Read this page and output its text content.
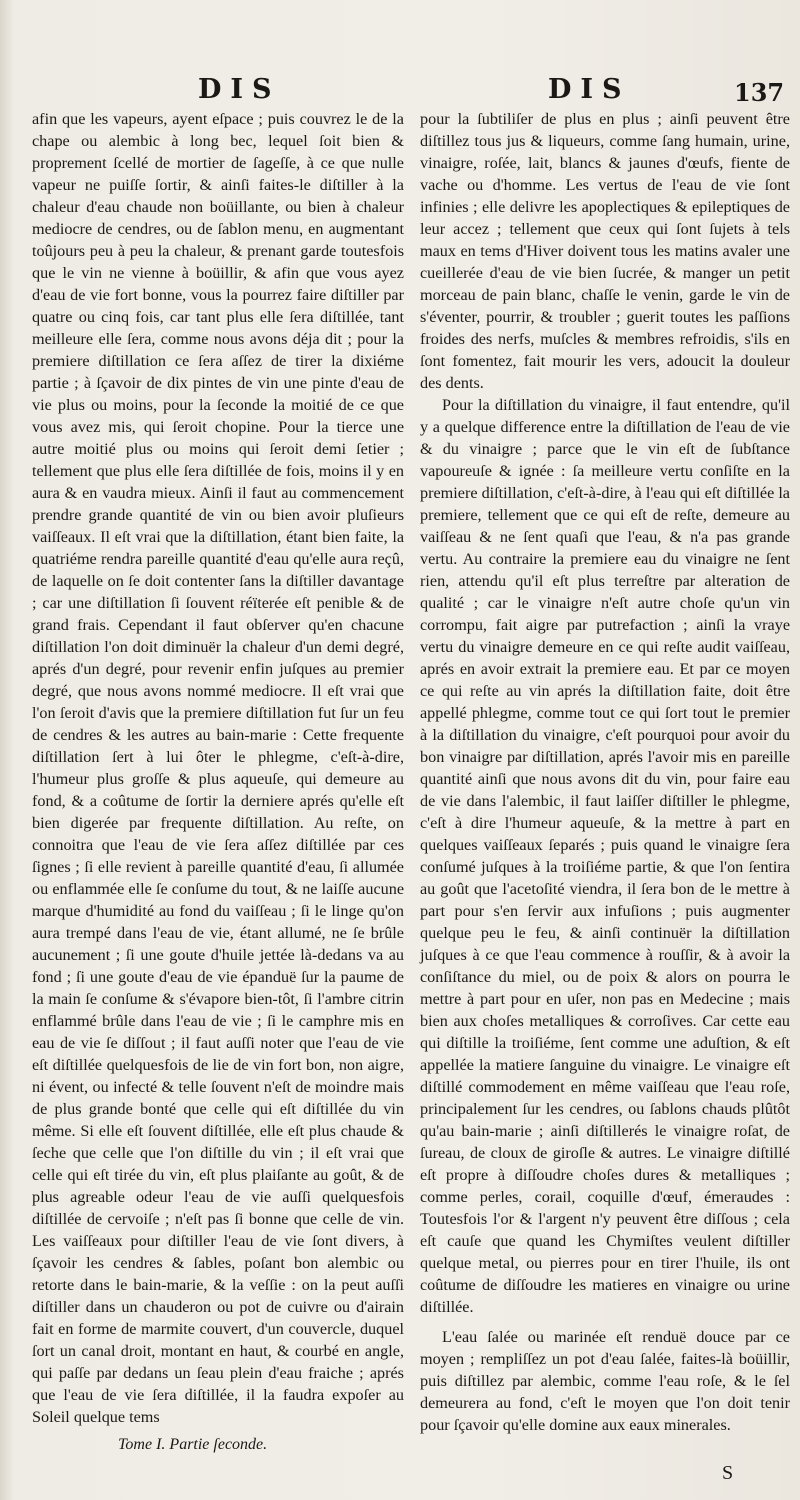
DIS	DIS	137

afin que les vapeurs, ayent eſpace ; puis couvrez le de la chape ou alembic à long bec, lequel ſoit bien & proprement ſcellé de mortier de ſageſſe, à ce que nulle vapeur ne puiſſe ſortir, & ainſi faites-le diſtiller à la chaleur d'eau chaude non boüillante, ou bien à chaleur mediocre de cendres, ou de ſablon menu, en augmentant toûjours peu à peu la chaleur, & prenant garde toutesfois que le vin ne vienne à boüillir, & afin que vous ayez d'eau de vie fort bonne, vous la pourrez faire diſtiller par quatre ou cinq fois, car tant plus elle ſera diſtillée, tant meilleure elle ſera, comme nous avons déja dit ; pour la premiere diſtillation ce ſera aſſez de tirer la dixiéme partie ; à ſçavoir de dix pintes de vin une pinte d'eau de vie plus ou moins, pour la ſeconde la moitié de ce que vous avez mis, qui ſeroit chopine. Pour la tierce une autre moitié plus ou moins qui ſeroit demi ſetier ; tellement que plus elle ſera diſtillée de fois, moins il y en aura & en vaudra mieux. Ainſi il faut au commencement prendre grande quantité de vin ou bien avoir pluſieurs vaiſſeaux. Il eſt vrai que la diſtillation, étant bien faite, la quatriéme rendra pareille quantité d'eau qu'elle aura reçû, de laquelle on ſe doit contenter ſans la diſtiller davantage ; car une diſtillation ſi ſouvent réïterée eſt penible & de grand frais. Cependant il faut obſerver qu'en chacune diſtillation l'on doit diminuër la chaleur d'un demi degré, aprés d'un degré, pour revenir enfin juſques au premier degré, que nous avons nommé mediocre. Il eſt vrai que l'on ſeroit d'avis que la premiere diſtillation fut ſur un feu de cendres & les autres au bain-marie : Cette frequente diſtillation ſert à lui ôter le phlegme, c'eſt-à-dire, l'humeur plus groſſe & plus aqueuſe, qui demeure au fond, & a coûtume de ſortir la derniere aprés qu'elle eſt bien digerée par frequente diſtillation. Au reſte, on connoitra que l'eau de vie ſera aſſez diſtillée par ces ſignes ; ſi elle revient à pareille quantité d'eau, ſi allumée ou enflammée elle ſe conſume du tout, & ne laiſſe aucune marque d'humidité au fond du vaiſſeau ; ſi le linge qu'on aura trempé dans l'eau de vie, étant allumé, ne ſe brûle aucunement ; ſi une goute d'huile jettée là-dedans va au fond ; ſi une goute d'eau de vie épanduë ſur la paume de la main ſe conſume & s'évapore bien-tôt, ſi l'ambre citrin enflammé brûle dans l'eau de vie ; ſi le camphre mis en eau de vie ſe diſſout ; il faut auſſi noter que l'eau de vie eſt diſtillée quelquesfois de lie de vin fort bon, non aigre, ni évent, ou infecté & telle ſouvent n'eſt de moindre mais de plus grande bonté que celle qui eſt diſtillée du vin même. Si elle eſt ſouvent diſtillée, elle eſt plus chaude & ſeche que celle que l'on diſtille du vin ; il eſt vrai que celle qui eſt tirée du vin, eſt plus plaiſante au goût, & de plus agreable odeur l'eau de vie auſſi quelquesfois diſtillée de cervoiſe ; n'eſt pas ſi bonne que celle de vin. Les vaiſſeaux pour diſtiller l'eau de vie ſont divers, à ſçavoir les cendres & ſables, poſant bon alembic ou retorte dans le bain-marie, & la veſſie : on la peut auſſi diſtiller dans un chauderon ou pot de cuivre ou d'airain fait en forme de marmite couvert, d'un couvercle, duquel ſort un canal droit, montant en haut, & courbé en angle, qui paſſe par dedans un ſeau plein d'eau fraiche ; aprés que l'eau de vie ſera diſtillée, il la faudra expoſer au Soleil quelque tems

pour la ſubtiliſer de plus en plus ; ainſi peuvent être diſtillez tous jus & liqueurs, comme ſang humain, urine, vinaigre, roſée, lait, blancs & jaunes d'œufs, fiente de vache ou d'homme. Les vertus de l'eau de vie ſont infinies ; elle delivre les apoplectiques & epileptiques de leur accez ; tellement que ceux qui ſont ſujets à tels maux en tems d'Hiver doivent tous les matins avaler une cueillerée d'eau de vie bien ſucrée, & manger un petit morceau de pain blanc, chaſſe le venin, garde le vin de s'éventer, pourrir, & troubler ; guerit toutes les paſſions froides des nerfs, muſcles & membres refroidis, s'ils en ſont fomentez, fait mourir les vers, adoucit la douleur des dents.

Pour la diſtillation du vinaigre, il faut entendre, qu'il y a quelque difference entre la diſtillation de l'eau de vie & du vinaigre ; parce que le vin eſt de ſubſtance vapoureuſe & ignée : ſa meilleure vertu conſiſte en la premiere diſtillation, c'eſt-à-dire, à l'eau qui eſt diſtillée la premiere, tellement que ce qui eſt de reſte, demeure au vaiſſeau & ne ſent quaſi que l'eau, & n'a pas grande vertu. Au contraire la premiere eau du vinaigre ne ſent rien, attendu qu'il eſt plus terreſtre par alteration de qualité ; car le vinaigre n'eſt autre choſe qu'un vin corrompu, fait aigre par putrefaction ; ainſi la vraye vertu du vinaigre demeure en ce qui reſte audit vaiſſeau, aprés en avoir extrait la premiere eau. Et par ce moyen ce qui reſte au vin aprés la diſtillation faite, doit être appellé phlegme, comme tout ce qui ſort tout le premier à la diſtillation du vinaigre, c'eſt pourquoi pour avoir du bon vinaigre par diſtillation, aprés l'avoir mis en pareille quantité ainſi que nous avons dit du vin, pour faire eau de vie dans l'alembic, il faut laiſſer diſtiller le phlegme, c'eſt à dire l'humeur aqueuſe, & la mettre à part en quelques vaiſſeaux ſeparés ; puis quand le vinaigre ſera conſumé juſques à la troiſiéme partie, & que l'on ſentira au goût que l'acetoſité viendra, il ſera bon de le mettre à part pour s'en ſervir aux infuſions ; puis augmenter quelque peu le feu, & ainſi continuër la diſtillation juſques à ce que l'eau commence à rouſſir, & à avoir la conſiſtance du miel, ou de poix & alors on pourra le mettre à part pour en uſer, non pas en Medecine ; mais bien aux choſes metalliques & corroſives. Car cette eau qui diſtille la troiſiéme, ſent comme une aduſtion, & eſt appellée la matiere ſanguine du vinaigre. Le vinaigre eſt diſtillé commodement en même vaiſſeau que l'eau roſe, principalement ſur les cendres, ou ſablons chauds plûtôt qu'au bain-marie ; ainſi diſtillerés le vinaigre roſat, de ſureau, de cloux de giroſle & autres. Le vinaigre diſtillé eſt propre à diſſoudre choſes dures & metalliques ; comme perles, corail, coquille d'œuf, émeraudes : Toutesfois l'or & l'argent n'y peuvent être diſſous ; cela eſt cauſe que quand les Chymiſtes veulent diſtiller quelque metal, ou pierres pour en tirer l'huile, ils ont coûtume de diſſoudre les matieres en vinaigre ou urine diſtillée.

L'eau ſalée ou marinée eſt renduë douce par ce moyen ; rempliſſez un pot d'eau ſalée, faites-là boüillir, puis diſtillez par alembic, comme l'eau roſe, & le ſel demeurera au fond, c'eſt le moyen que l'on doit tenir pour ſçavoir qu'elle domine aux eaux minerales.

Tome I. Partie ſeconde.
S
